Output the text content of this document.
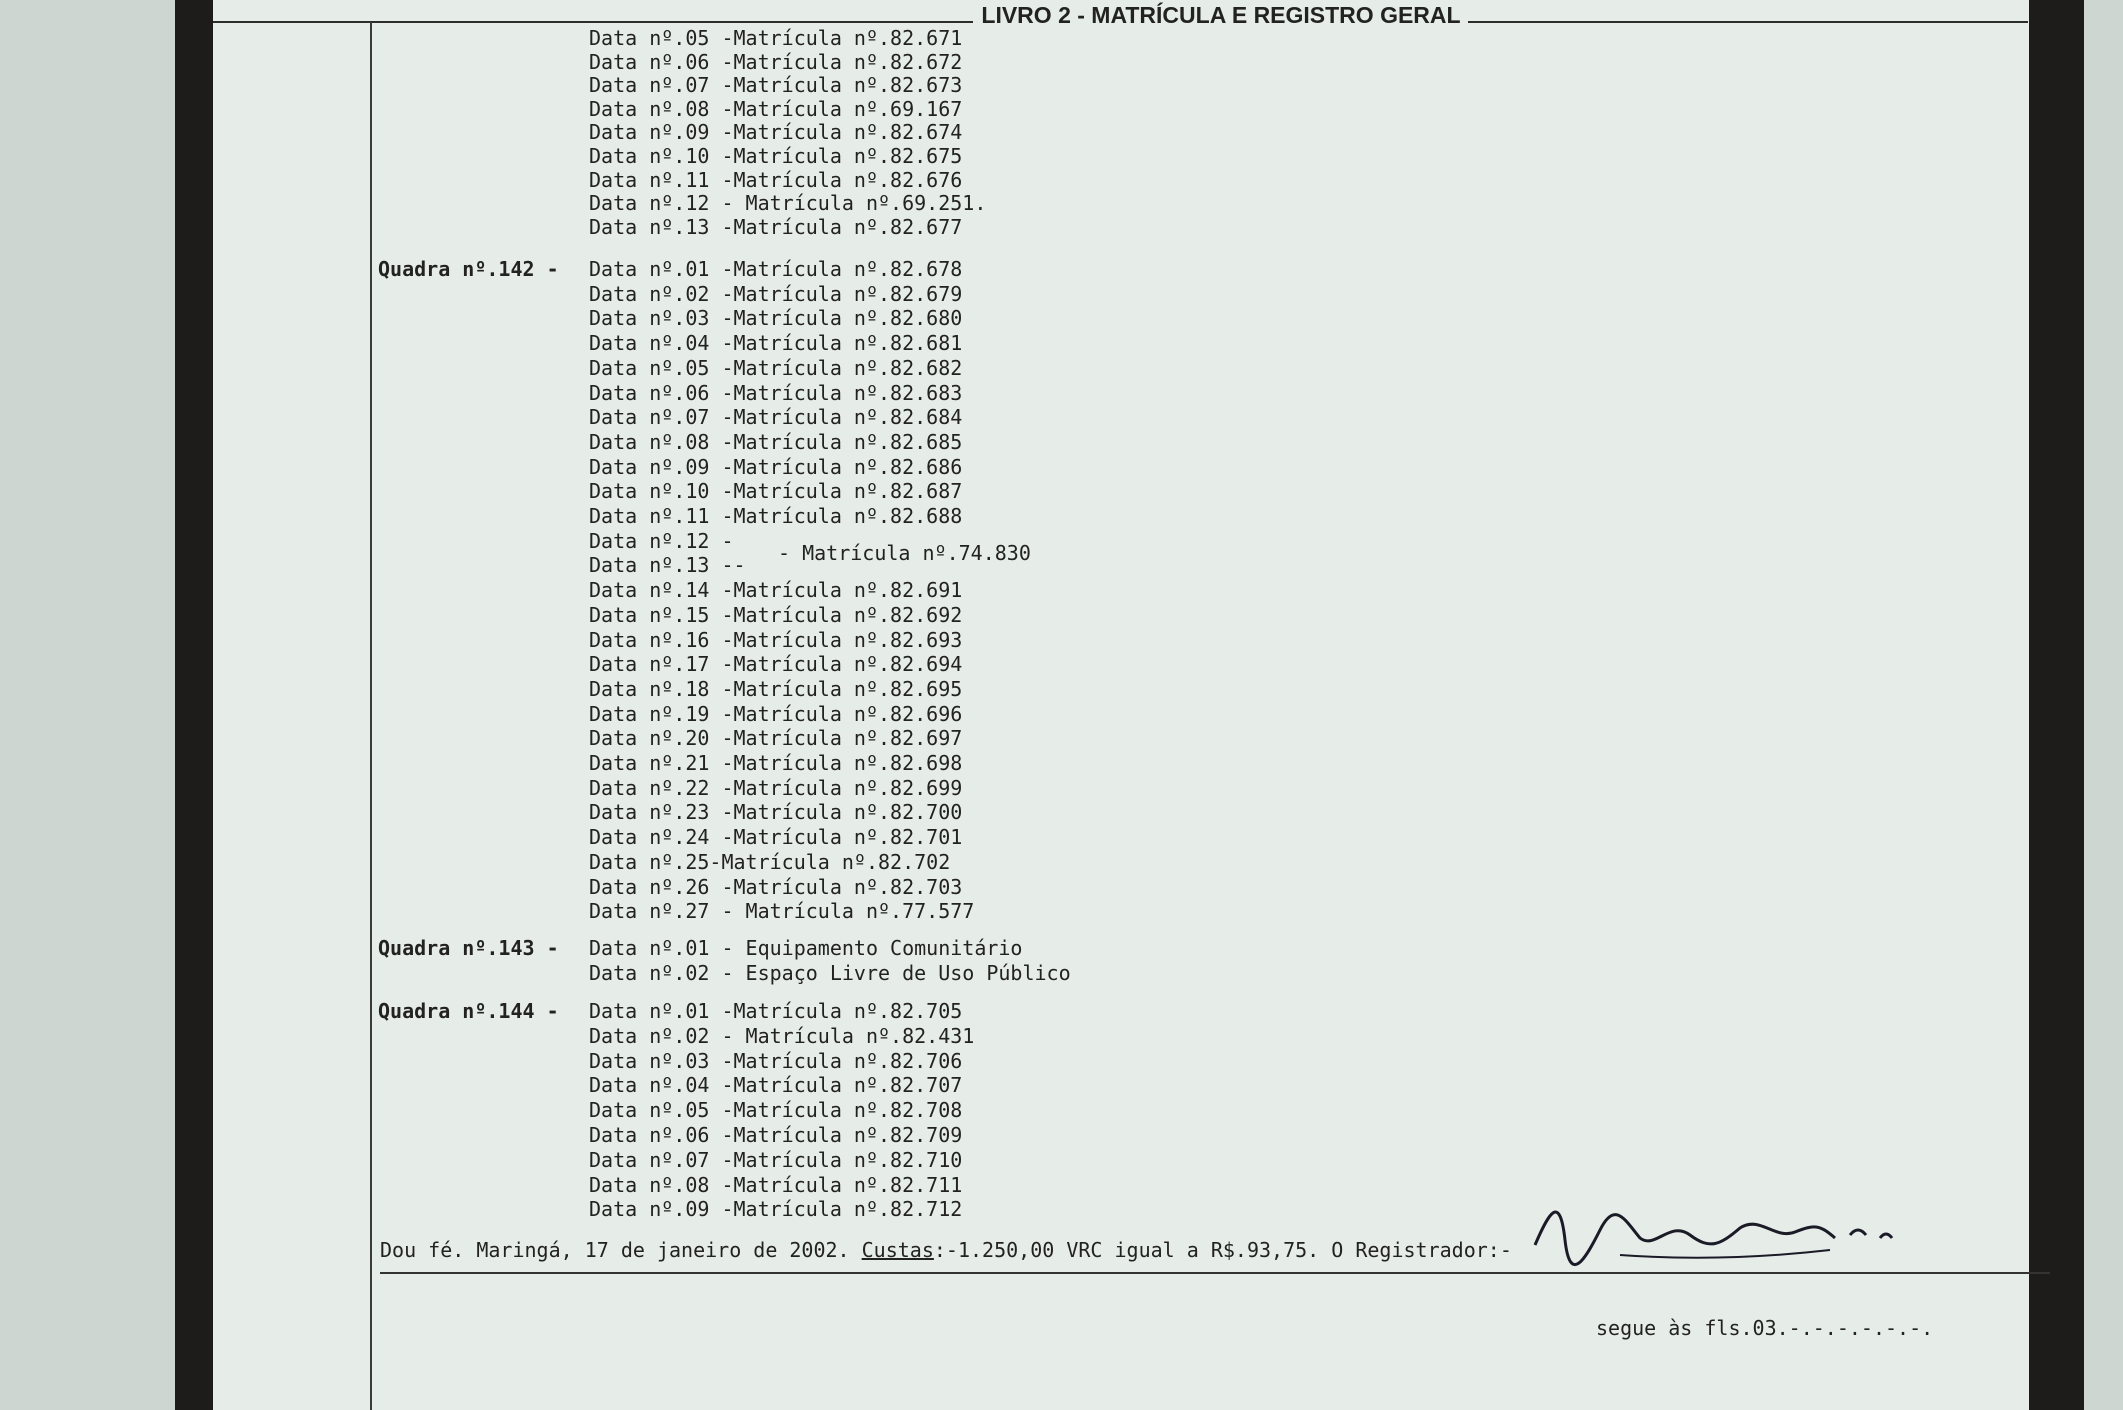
LIVRO 2 - MATRÍCULA E REGISTRO GERAL
Data nº.05 -Matrícula nº.82.671
Data nº.06 -Matrícula nº.82.672
Data nº.07 -Matrícula nº.82.673
Data nº.08 -Matrícula nº.69.167
Data nº.09 -Matrícula nº.82.674
Data nº.10 -Matrícula nº.82.675
Data nº.11 -Matrícula nº.82.676
Data nº.12 - Matrícula nº.69.251.
Data nº.13 -Matrícula nº.82.677
Quadra nº.142 - Data nº.01 -Matrícula nº.82.678
Data nº.02 -Matrícula nº.82.679
Data nº.03 -Matrícula nº.82.680
Data nº.04 -Matrícula nº.82.681
Data nº.05 -Matrícula nº.82.682
Data nº.06 -Matrícula nº.82.683
Data nº.07 -Matrícula nº.82.684
Data nº.08 -Matrícula nº.82.685
Data nº.09 -Matrícula nº.82.686
Data nº.10 -Matrícula nº.82.687
Data nº.11 -Matrícula nº.82.688
Data nº.12 -
Data nº.13 --
Data nº.14 -Matrícula nº.82.691
Data nº.15 -Matrícula nº.82.692
Data nº.16 -Matrícula nº.82.693
Data nº.17 -Matrícula nº.82.694
Data nº.18 -Matrícula nº.82.695
Data nº.19 -Matrícula nº.82.696
Data nº.20 -Matrícula nº.82.697
Data nº.21 -Matrícula nº.82.698
Data nº.22 -Matrícula nº.82.699
Data nº.23 -Matrícula nº.82.700
Data nº.24 -Matrícula nº.82.701
Data nº.25-Matrícula nº.82.702
Data nº.26 -Matrícula nº.82.703
Data nº.27 - Matrícula nº.77.577
- Matrícula nº.74.830
Quadra nº.143 - Data nº.01 - Equipamento Comunitário
Data nº.02 - Espaço Livre de Uso Público
Quadra nº.144 - Data nº.01 -Matrícula nº.82.705
Data nº.02 - Matrícula nº.82.431
Data nº.03 -Matrícula nº.82.706
Data nº.04 -Matrícula nº.82.707
Data nº.05 -Matrícula nº.82.708
Data nº.06 -Matrícula nº.82.709
Data nº.07 -Matrícula nº.82.710
Data nº.08 -Matrícula nº.82.711
Data nº.09 -Matrícula nº.82.712
Dou fé. Maringá, 17 de janeiro de 2002. Custas:-1.250,00 VRC igual a R$.93,75. O Registrador:-
segue às fls.03.-.-.-.-.-.-.
